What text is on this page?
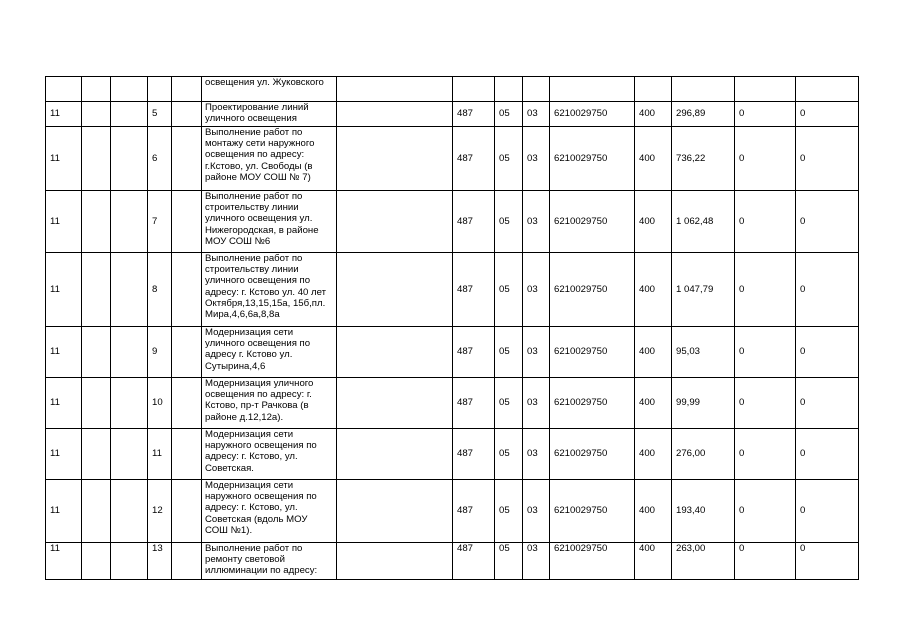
					освещения ул. Жуковского									
11			5		Проектирование линий уличного освещения		487	05	03	6210029750	400	296,89	0	0
11			6		Выполнение работ по монтажу сети наружного освещения по адресу: г.Кстово, ул. Свободы (в районе МОУ СОШ № 7)		487	05	03	6210029750	400	736,22	0	0
11			7		Выполнение работ по строительству линии уличного освещения ул. Нижегородская, в районе МОУ СОШ №6		487	05	03	6210029750	400	1 062,48	0	0
11			8		Выполнение работ по строительству линии уличного освещения по адресу: г. Кстово ул. 40 лет Октября,13,15,15а, 15б,пл. Мира,4,6,6а,8,8а		487	05	03	6210029750	400	1 047,79	0	0
11			9		Модернизация сети уличного освещения по адресу г. Кстово ул. Сутырина,4,6		487	05	03	6210029750	400	95,03	0	0
11			10		Модернизация уличного освещения по адресу: г. Кстово, пр-т Рачкова (в районе д.12,12а).		487	05	03	6210029750	400	99,99	0	0
11			11		Модернизация сети наружного освещения по адресу: г. Кстово, ул. Советская.		487	05	03	6210029750	400	276,00	0	0
11			12		Модернизация сети наружного освещения по адресу: г. Кстово, ул. Советская (вдоль МОУ СОШ №1).		487	05	03	6210029750	400	193,40	0	0
11			13		Выполнение работ по ремонту световой иллюминации по адресу:		487	05	03	6210029750	400	263,00	0	0
